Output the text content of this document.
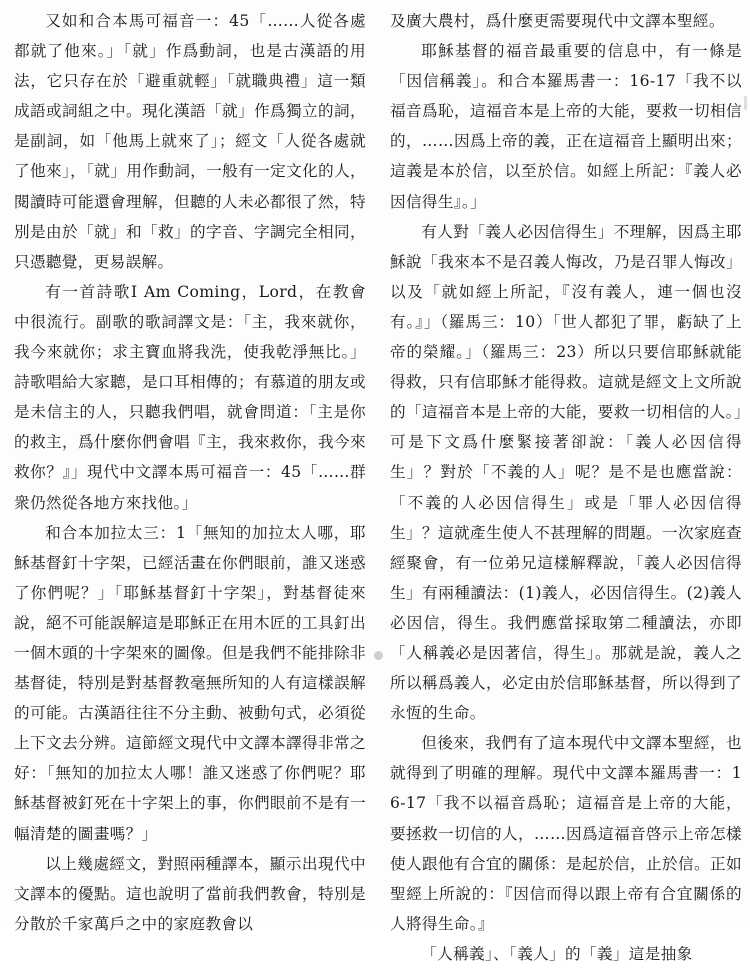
又如和合本馬可福音一：45「……人從各處都就了他來。」「就」作爲動詞，也是古漢語的用法，它只存在於「避重就輕」「就職典禮」這一類成語或詞組之中。現化漢語「就」作爲獨立的詞，是副詞，如「他馬上就來了」；經文「人從各處就了他來」，「就」用作動詞，一般有一定文化的人，閱讀時可能還會理解，但聽的人未必都很了然，特別是由於「就」和「救」的字音、字調完全相同，只憑聽覺，更易誤解。

有一首詩歌I Am Coming，Lord，在教會中很流行。副歌的歌詞譯文是：「主，我來就你，我今來就你；求主寶血將我洗，使我乾淨無比。」詩歌唱給大家聽，是口耳相傳的；有慕道的朋友或是未信主的人，只聽我們唱，就會問道：「主是你的救主，爲什麼你們會唱『主，我來救你，我今來救你？』」現代中文譯本馬可福音一：45「……群衆仍然從各地方來找他。」

和合本加拉太三：1「無知的加拉太人哪，耶穌基督釘十字架，已經活畫在你們眼前，誰又迷惑了你們呢？」「耶穌基督釘十字架」，對基督徒來說，絕不可能誤解這是耶穌正在用木匠的工具釘出一個木頭的十字架來的圖像。但是我們不能排除非基督徒，特別是對基督教毫無所知的人有這樣誤解的可能。古漢語往往不分主動、被動句式，必須從上下文去分辨。這節經文現代中文譯本譯得非常之好：「無知的加拉太人哪！誰又迷惑了你們呢？耶穌基督被釘死在十字架上的事，你們眼前不是有一幅清楚的圖畫嗎？」

以上幾處經文，對照兩種譯本，顯示出現代中文譯本的優點。這也說明了當前我們教會，特別是分散於千家萬戶之中的家庭教會以

及廣大農村，爲什麼更需要現代中文譯本聖經。

耶穌基督的福音最重要的信息中，有一條是「因信稱義」。和合本羅馬書一：16-17「我不以福音爲恥，這福音本是上帝的大能，要救一切相信的，……因爲上帝的義，正在這福音上顯明出來；這義是本於信，以至於信。如經上所記：『義人必因信得生』。」

有人對「義人必因信得生」不理解，因爲主耶穌說「我來本不是召義人悔改，乃是召罪人悔改」以及「就如經上所記，『沒有義人，連一個也沒有。』」（羅馬三：10）「世人都犯了罪，虧缺了上帝的榮耀。」（羅馬三：23）所以只要信耶穌就能得救，只有信耶穌才能得救。這就是經文上文所說的「這福音本是上帝的大能，要救一切相信的人。」可是下文爲什麼緊接著卻說：「義人必因信得生」？對於「不義的人」呢？是不是也應當說：「不義的人必因信得生」或是「罪人必因信得生」？這就產生使人不甚理解的問題。一次家庭查經聚會，有一位弟兄這樣解釋說，「義人必因信得生」有兩種讀法：(1)義人，必因信得生。(2)義人必因信，得生。我們應當採取第二種讀法，亦即「人稱義必是因著信，得生」。那就是說，義人之所以稱爲義人，必定由於信耶穌基督，所以得到了永恆的生命。

但後來，我們有了這本現代中文譯本聖經，也就得到了明確的理解。現代中文譯本羅馬書一：16-17「我不以福音爲恥；這福音是上帝的大能，要拯救一切信的人，……因爲這福音啓示上帝怎樣使人跟他有合宜的關係：是起於信，止於信。正如聖經上所說的：『因信而得以跟上帝有合宜關係的人將得生命。』

「人稱義」、「義人」的「義」這是抽象
